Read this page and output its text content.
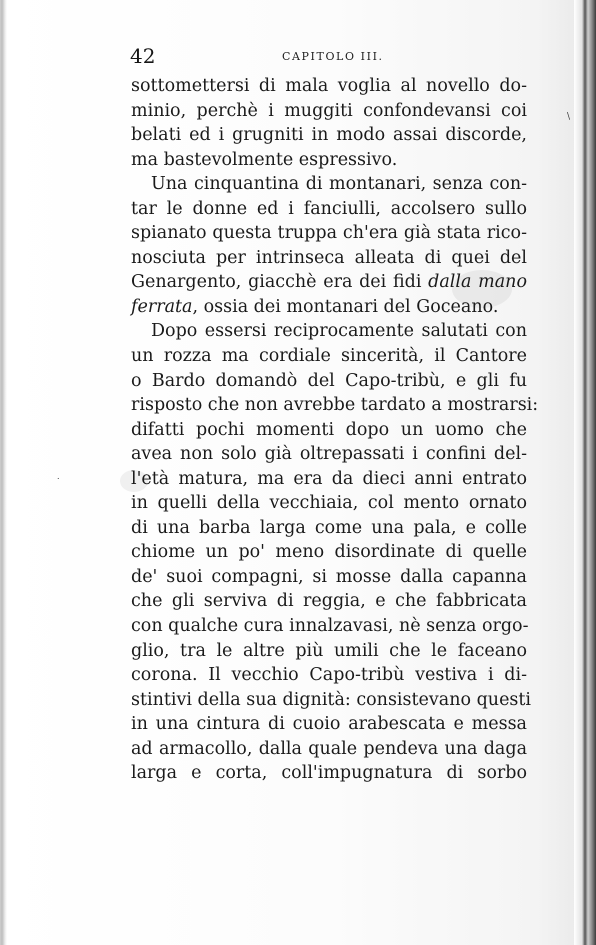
\
˙
42	CAPITOLO III.
sottomettersi di mala voglia al novello do-
minio, perchè i muggiti confondevansi coi
belati ed i grugniti in modo assai discorde,
ma bastevolmente espressivo.
Una cinquantina di montanari, senza con-
tar le donne ed i fanciulli, accolsero sullo
spianato questa truppa ch'era già stata rico-
nosciuta per intrinseca alleata di quei del
Genargento, giacchè era dei fidi dalla mano
ferrata, ossia dei montanari del Goceano.
Dopo essersi reciprocamente salutati con
un rozza ma cordiale sincerità, il Cantore
o Bardo domandò del Capo-tribù, e gli fu
risposto che non avrebbe tardato a mostrarsi:
difatti pochi momenti dopo un uomo che
avea non solo già oltrepassati i confini del-
l'età matura, ma era da dieci anni entrato
in quelli della vecchiaia, col mento ornato
di una barba larga come una pala, e colle
chiome un po' meno disordinate di quelle
de' suoi compagni, si mosse dalla capanna
che gli serviva di reggia, e che fabbricata
con qualche cura innalzavasi, nè senza orgo-
glio, tra le altre più umili che le faceano
corona. Il vecchio Capo-tribù vestiva i di-
stintivi della sua dignità: consistevano questi
in una cintura di cuoio arabescata e messa
ad armacollo, dalla quale pendeva una daga
larga e corta, coll'impugnatura di sorbo
